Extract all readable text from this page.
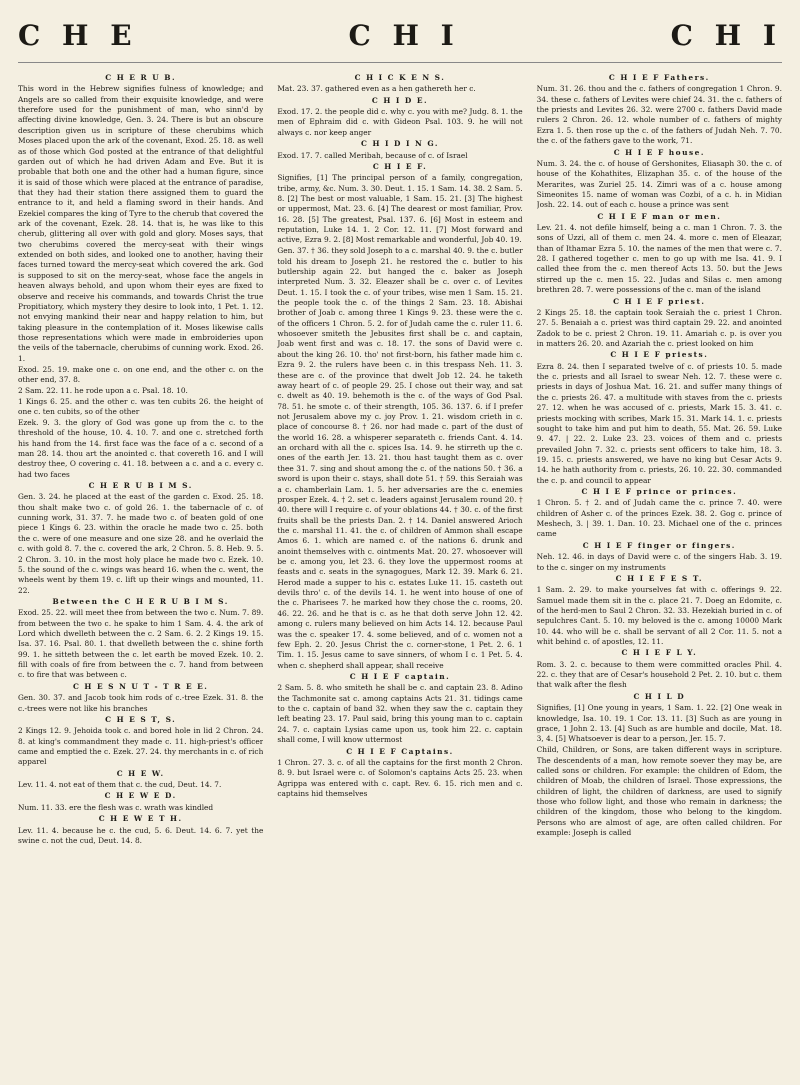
C H E	C H I	C H I
C H E R U B.
This word in the Hebrew signifies fulness of knowledge; and Angels are so called from their exquisite knowledge, and were therefore used for the punishment of man, who sinn'd by affecting divine knowledge, Gen. 3. 24. There is but an obscure description given us in scripture of these cherubims which Moses placed upon the ark of the covenant, Exod. 25. 18. as well as of those which God posted at the entrance of that delightful garden out of which he had driven Adam and Eve. But it is probable that both one and the other had a human figure, since it is said of those which were placed at the entrance of paradise, that they had their station there assigned them to guard the entrance to it, and held a flaming sword in their hands. And Ezekiel compares the king of Tyre to the cherub that covered the ark of the covenant, Ezek. 28. 14. that is, he was like to this cherub, glittering all over with gold and glory. Moses says, that two cherubims covered the mercy-seat with their wings extended on both sides, and looked one to another, having their faces turned toward the mercy-seat which covered the ark. God is supposed to sit on the mercy-seat, whose face the angels in heaven always behold, and upon whom their eyes are fixed to observe and receive his commands, and towards Christ the true Propitiatory, which mystery they desire to look into, 1 Pet. 1. 12. not envying mankind their near and happy relation to him, but taking pleasure in the contemplation of it. Moses likewise calls those representations which were made in embroideries upon the veils of the tabernacle, cherubims of cunning work. Exod. 26. 1.
Exod. 25. 19. make one c. on one end, and the other c. on the other end, 37. 8.
2 Sam. 22. 11. he rode upon a c. Psal. 18. 10.
1 Kings 6. 25. and the other c. was ten cubits 26. the height of one c. ten cubits, so of the other
Ezek. 9. 3. the glory of God was gone up from the c. to the threshold of the house, 10. 4. 10. 7. and one c. stretched forth his hand from the 14. first face was the face of a c. second of a man 28. 14. thou art the anointed c. that covereth 16. and I will destroy thee, O covering c. 41. 18. between a c. and a c. every c. had two faces
C H E R U B I M S.
Gen. 3. 24. he placed at the east of the garden c. Exod. 25. 18. thou shalt make two c. of gold 26. 1. the tabernacle of c. of cunning work, 31. 37. 7. he made two c. of beaten gold of one piece 1 Kings 6. 23. within the oracle he made two c. 25. both the c. were of one measure and one size 28. and he overlaid the c. with gold 8. 7. the c. covered the ark, 2 Chron. 5. 8. Heb. 9. 5. 2 Chron. 3. 10. in the most holy place he made two c. Ezek. 10. 5. the sound of the c. wings was heard 16. when the c. went, the wheels went by them 19. c. lift up their wings and mounted, 11. 22.
Between the C H E R U B I M S.
Exod. 25. 22. will meet thee from between the two c. Num. 7. 89. from between the two c. he spake to him 1 Sam. 4. 4. the ark of Lord which dwelleth between the c. 2 Sam. 6. 2. 2 Kings 19. 15. Isa. 37. 16. Psal. 80. 1. that dwelleth between the c. shine forth 99. 1. he sitteth between the c. let earth be moved Ezek. 10. 2. fill with coals of fire from between the c. 7. hand from between c. to fire that was between c.
C H E S N U T - T R E E.
Gen. 30. 37. and Jacob took him rods of c.-tree Ezek. 31. 8. the c.-trees were not like his branches
C H E S T, S.
2 Kings 12. 9. Jehoida took c. and bored hole in lid 2 Chron. 24. 8. at king's commandment they made c. 11. high-priest's officer came and emptied the c. Ezek. 27. 24. thy merchants in c. of rich apparel
C H E W.
Lev. 11. 4. not eat of them that c. the cud, Deut. 14. 7.
C H E W E D.
Num. 11. 33. ere the flesh was c. wrath was kindled
C H E W E T H.
Lev. 11. 4. because he c. the cud, 5. 6. Deut. 14. 6. 7. yet the swine c. not the cud, Deut. 14. 8.
C H I C K E N S.
Mat. 23. 37. gathered even as a hen gathereth her c.
C H I D E.
Exod. 17. 2. the people did c. why c. you with me? Judg. 8. 1. the men of Ephraim did c. with Gideon Psal. 103. 9. he will not always c. nor keep anger
C H I D I N G.
Exod. 17. 7. called Meribah, because of c. of Israel
C H I E F.
Signifies, [1] The principal person of a family, congregation, tribe, army, &c. Num. 3. 30. Deut. 1. 15. 1 Sam. 14. 38. 2 Sam. 5. 8. [2] The best or most valuable, 1 Sam. 15. 21. [3] The highest or uppermost, Mat. 23. 6. [4] The dearest or most familiar, Prov. 16. 28. [5] The greatest, Psal. 137. 6. [6] Most in esteem and reputation, Luke 14. 1. 2 Cor. 12. 11. [7] Most forward and active, Ezra 9. 2. [8] Most remarkable and wonderful, Job 40. 19.
Gen. 37. † 36. they sold Joseph to a c. marshal 40. 9. the c. butler told his dream to Joseph 21. he restored the c. butler to his butlership again 22. but hanged the c. baker as Joseph interpreted Num. 3. 32. Eleazer shall be c. over c. of Levites Deut. 1. 15. I took the c. of your tribes, wise men 1 Sam. 15. 21. the people took the c. of the things 2 Sam. 23. 18. Abishai brother of Joab c. among three 1 Kings 9. 23. these were the c. of the officers 1 Chron. 5. 2. for of Judah came the c. ruler 11. 6. whosoever smiteth the Jebusites first shall be c. and captain, Joab went first and was c. 18. 17. the sons of David were c. about the king 26. 10. tho' not first-born, his father made him c. Ezra 9. 2. the rulers have been c. in this trespass Neh. 11. 3. these are c. of the province that dwelt Job 12. 24. he taketh away heart of c. of people 29. 25. I chose out their way, and sat c. dwelt as 40. 19. behemoth is the c. of the ways of God Psal. 78. 51. he smote c. of their strength, 105. 36. 137. 6. if I prefer not Jerusalem above my c. joy Prov. 1. 21. wisdom crieth in c. place of concourse 8. † 26. nor had made c. part of the dust of the world 16. 28. a whisperer separateth c. friends Cant. 4. 14. an orchard with all the c. spices Isa. 14. 9. he stirreth up the c. ones of the earth Jer. 13. 21. thou hast taught them as c. over thee 31. 7. sing and shout among the c. of the nations 50. † 36. a sword is upon their c. stays, shall dote 51. † 59. this Seraiah was a c. chamberlain Lam. 1. 5. her adversaries are the c. enemies prosper Ezek. 4. † 2. set c. leaders against Jerusalem round 20. † 40. there will I require c. of your oblations 44. † 30. c. of the first fruits shall be the priests Dan. 2. † 14. Daniel answered Arioch the c. marshal 11. 41. the c. of children of Ammon shall escape Amos 6. 1. which are named c. of the nations 6. drunk and anoint themselves with c. ointments Mat. 20. 27. whosoever will be c. among you, let 23. 6. they love the uppermost rooms at feasts and c. seats in the synagogues, Mark 12. 39. Mark 6. 21. Herod made a supper to his c. estates Luke 11. 15. casteth out devils thro' c. of the devils 14. 1. he went into house of one of the c. Pharisees 7. he marked how they chose the c. rooms, 20. 46. 22. 26. and he that is c. as he that doth serve John 12. 42. among c. rulers many believed on him Acts 14. 12. because Paul was the c. speaker 17. 4. some believed, and of c. women not a few Eph. 2. 20. Jesus Christ the c. corner-stone, 1 Pet. 2. 6. 1 Tim. 1. 15. Jesus came to save sinners, of whom I c. 1 Pet. 5. 4. when c. shepherd shall appear, shall receive
C H I E F captain.
2 Sam. 5. 8. who smiteth he shall be c. and captain 23. 8. Adino the Tachmonite sat c. among captains Acts 21. 31. tidings came to the c. captain of band 32. when they saw the c. captain they left beating 23. 17. Paul said, bring this young man to c. captain 24. 7. c. captain Lysias came upon us, took him 22. c. captain shall come, I will know uttermost
C H I E F Captains.
1 Chron. 27. 3. c. of all the captains for the first month 2 Chron. 8. 9. but Israel were c. of Solomon's captains Acts 25. 23. when Agrippa was entered with c. capt. Rev. 6. 15. rich men and c. captains hid themselves
C H I E F Fathers.
Num. 31. 26. thou and the c. fathers of congregation 1 Chron. 9. 34. these c. fathers of Levites were chief 24. 31. the c. fathers of the priests and Levites 26. 32. were 2700 c. fathers David made rulers 2 Chron. 26. 12. whole number of c. fathers of mighty Ezra 1. 5. then rose up the c. of the fathers of Judah Neh. 7. 70. the c. of the fathers gave to the work, 71.
C H I E F house.
Num. 3. 24. the c. of house of Gershonites, Eliasaph 30. the c. of house of the Kohathites, Elizaphan 35. c. of the house of the Merarites, was Zuriel 25. 14. Zimri was of a c. house among Simeonites 15. name of woman was Cozbi, of a c. h. in Midian Josh. 22. 14. out of each c. house a prince was sent
C H I E F man or men.
Lev. 21. 4. not defile himself, being a c. man 1 Chron. 7. 3. the sons of Uzzi, all of them c. men 24. 4. more c. men of Eleazar, than of Ithamar Ezra 5. 10. the names of the men that were c. 7. 28. I gathered together c. men to go up with me Isa. 41. 9. I called thee from the c. men thereof Acts 13. 50. but the Jews stirred up the c. men 15. 22. Judas and Silas c. men among brethren 28. 7. were possessions of the c. man of the island
C H I E F priest.
2 Kings 25. 18. the captain took Seraiah the c. priest 1 Chron. 27. 5. Benaiah a c. priest was third captain 29. 22. and anointed Zadok to be c. priest 2 Chron. 19. 11. Amariah c. p. is over you in matters 26. 20. and Azariah the c. priest looked on him
C H I E F priests.
Ezra 8. 24. then I separated twelve of c. of priests 10. 5. made the c. priests and all Israel to swear Neh. 12. 7. these were c. priests in days of Joshua Mat. 16. 21. and suffer many things of the c. priests 26. 47. a multitude with staves from the c. priests 27. 12. when he was accused of c. priests, Mark 15. 3. 41. c. priests mocking with scribes, Mark 15. 31. Mark 14. 1. c. priests sought to take him and put him to death, 55. Mat. 26. 59. Luke 9. 47. | 22. 2. Luke 23. 23. voices of them and c. priests prevailed John 7. 32. c. priests sent officers to take him, 18. 3. 19. 15. c. priests answered, we have no king but Cesar Acts 9. 14. he hath authority from c. priests, 26. 10. 22. 30. commanded the c. p. and council to appear
C H I E F prince or princes.
1 Chron. 5. † 2. and of Judah came the c. prince 7. 40. were children of Asher c. of the princes Ezek. 38. 2. Gog c. prince of Meshech, 3. | 39. 1. Dan. 10. 23. Michael one of the c. princes came
C H I E F finger or fingers.
Neh. 12. 46. in days of David were c. of the singers Hab. 3. 19. to the c. singer on my instruments
C H I E F E S T.
1 Sam. 2. 29. to make yourselves fat with c. offerings 9. 22. Samuel made them sit in the c. place 21. 7. Doeg an Edomite, c. of the herd-men to Saul 2 Chron. 32. 33. Hezekiah buried in c. of sepulchres Cant. 5. 10. my beloved is the c. among 10000 Mark 10. 44. who will be c. shall be servant of all 2 Cor. 11. 5. not a whit behind c. of apostles, 12. 11.
C H I E F L Y.
Rom. 3. 2. c. because to them were committed oracles Phil. 4. 22. c. they that are of Cesar's household 2 Pet. 2. 10. but c. them that walk after the flesh
C H I L D
Signifies, [1] One young in years, 1 Sam. 1. 22. [2] One weak in knowledge, Isa. 10. 19. 1 Cor. 13. 11. [3] Such as are young in grace, 1 John 2. 13. [4] Such as are humble and docile, Mat. 18. 3, 4. [5] Whatsoever is dear to a person, Jer. 15. 7.
Child, Children, or Sons, are taken different ways in scripture. The descendents of a man, how remote soever they may be, are called sons or children. For example: the children of Edom, the children of Moab, the children of Israel. Those expressions, the children of light, the children of darkness, are used to signify those who follow light, and those who remain in darkness; the children of the kingdom, those who belong to the kingdom. Persons who are almost of age, are often called children. For example: Joseph is called
